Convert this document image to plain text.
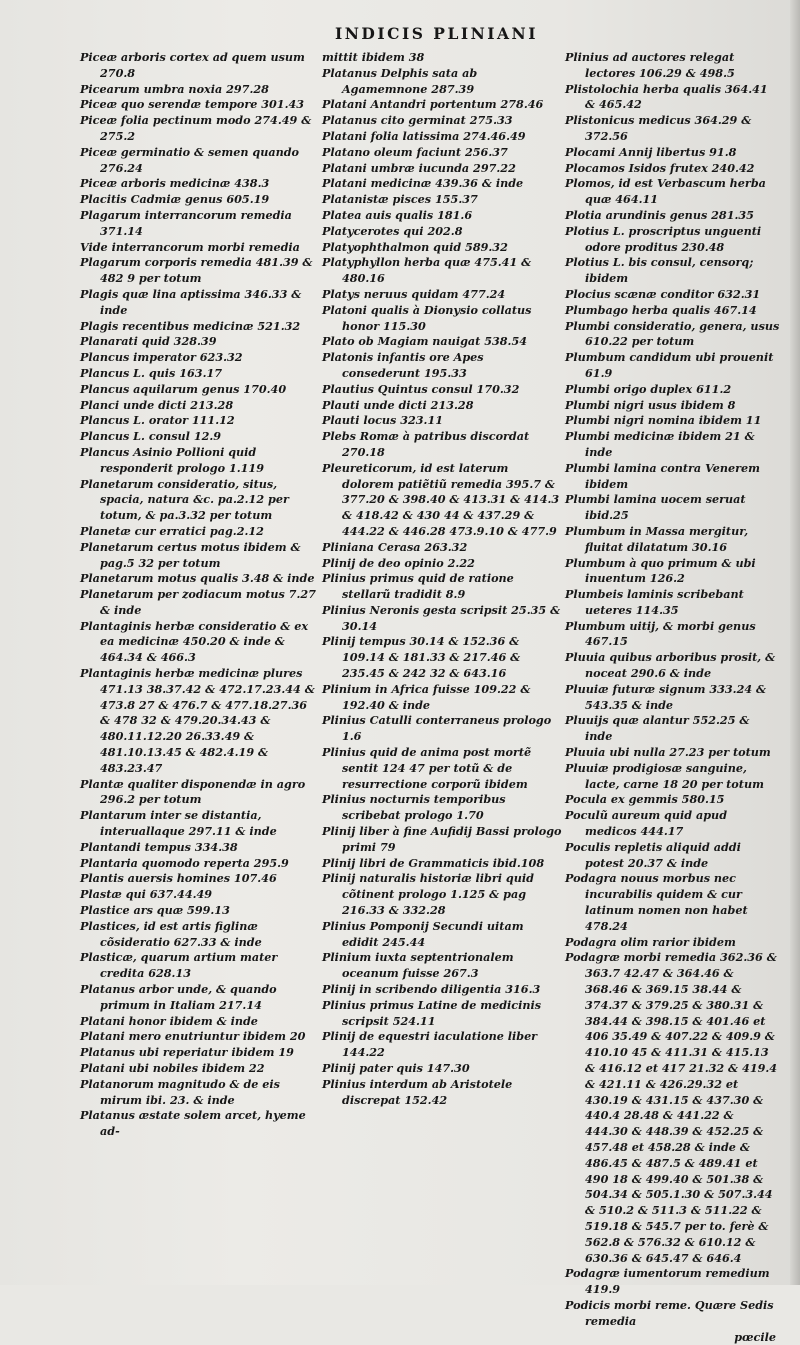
INDICIS PLINIANI
Piceæ arboris cortex ad quem usum 270.8
Picearum umbra noxia 297.28
Piceæ quo serendæ tempore 301.43
Piceæ folia pectinum modo 274.49 & 275.2
Piceæ germinatio & semen quando 276.24
Piceæ arboris medicinæ 438.3
Placitis Cadmiæ genus 605.19
Plagarum interrancorum remedia 371.14
Vide interrancorum morbi remedia
Plagarum corporis remedia 481.39 & 482 9 per totum
Plagis quæ lina aptissima 346.33 & inde
Plagis recentibus medicinæ 521.32
Planarati quid 328.39
Plancus imperator 623.32
Plancus L. quis 163.17
Plancus aquilarum genus 170.40
Planci unde dicti 213.28
Plancus L. orator 111.12
Plancus L. consul 12.9
Plancus Asinio Pollioni quid responderit prologo 1.119
Planetarum consideratio, situs, spacia, natura &c. pa.2.12 per totum, & pa.3.32 per totum
Planetæ cur erratici pag.2.12
Planetarum certus motus ibidem & pag.5 32 per totum
Planetarum motus qualis 3.48 & inde
Planetarum per zodiacum motus 7.27 & inde
Plantaginis herbæ consideratio & ex ea medicinæ 450.20 & inde & 464.34 & 466.3
Plantaginis herbæ medicinæ plures 471.13 38.37.42 & 472.17.23.44 & 473.8 27 & 476.7 & 477.18.27.36 & 478 32 & 479.20.34.43 & 480.11.12.20 26.33.49 & 481.10.13.45 & 482.4.19 & 483.23.47
Plantæ qualiter disponendæ in agro 296.2 per totum
Plantarum inter se distantia, interuallaque 297.11 & inde
Plantandi tempus 334.38
Plantaria quomodo reperta 295.9
Plantis auersis homines 107.46
Plastæ qui 637.44.49
Plastice ars quæ 599.13
Plastices, id est artis figlinæ cõsideratio 627.33 & inde
Plasticæ, quarum artium mater credita 628.13
Platanus arbor unde, & quando primum in Italiam 217.14
Platani honor ibidem & inde
Platani mero enutriuntur ibidem 20
Platanus ubi reperiatur ibidem 19
Platani ubi nobiles ibidem 22
Platanorum magnitudo & de eis mirum ibi. 23. & inde
Platanus æstate solem arcet, hyeme ad-
mittit ibidem 38
Platanus Delphis sata ab Agamemnone 287.39
Platani Antandri portentum 278.46
Platanus cito germinat 275.33
Platani folia latissima 274.46.49
Platano oleum faciunt 256.37
Platani umbræ iucunda 297.22
Platani medicinæ 439.36 & inde
Platanistæ pisces 155.37
Platea auis qualis 181.6
Platycerotes qui 202.8
Platyophthalmon quid 589.32
Platyphyllon herba quæ 475.41 & 480.16
Platys neruus quidam 477.24
Platoni qualis à Dionysio collatus honor 115.30
Plato ob Magiam nauigat 538.54
Platonis infantis ore Apes consederunt 195.33
Plautius Quintus consul 170.32
Plauti unde dicti 213.28
Plauti locus 323.11
Plebs Romæ à patribus discordat 270.18
Pleureticorum, id est laterum dolorem patiẽtiũ remedia 395.7 & 377.20 & 398.40 & 413.31 & 414.3 & 418.42 & 430 44 & 437.29 & 444.22 & 446.28 473.9.10 & 477.9
Pliniana Cerasa 263.32
Plinij de deo opinio 2.22
Plinius primus quid de ratione stellarũ tradidit 8.9
Plinius Neronis gesta scripsit 25.35 & 30.14
Plinij tempus 30.14 & 152.36 & 109.14 & 181.33 & 217.46 & 235.45 & 242 32 & 643.16
Plinium in Africa fuisse 109.22 & 192.40 & inde
Plinius Catulli conterraneus prologo 1.6
Plinius quid de anima post mortẽ sentit 124 47 per totũ & de resurrectione corporũ ibidem
Plinius nocturnis temporibus scribebat prologo 1.70
Plinij liber à fine Aufidij Bassi prologo primi 79
Plinij libri de Grammaticis ibid.108
Plinij naturalis historiæ libri quid cõtinent prologo 1.125 & pag 216.33 & 332.28
Plinius Pomponij Secundi uitam edidit 245.44
Plinium iuxta septentrionalem oceanum fuisse 267.3
Plinij in scribendo diligentia 316.3
Plinius primus Latine de medicinis scripsit 524.11
Plinij de equestri iaculatione liber 144.22
Plinij pater quis 147.30
Plinius interdum ab Aristotele discrepat 152.42
Plinius ad auctores relegat lectores 106.29 & 498.5
Plistolochia herba qualis 364.41 & 465.42
Plistonicus medicus 364.29 & 372.56
Plocami Annij libertus 91.8
Plocamos Isidos frutex 240.42
Plomos, id est Verbascum herba quæ 464.11
Plotia arundinis genus 281.35
Plotius L. proscriptus unguenti odore proditus 230.48
Plotius L. bis consul, censorq; ibidem
Plocius scænæ conditor 632.31
Plumbago herba qualis 467.14
Plumbi consideratio, genera, usus 610.22 per totum
Plumbum candidum ubi prouenit 61.9
Plumbi origo duplex 611.2
Plumbi nigri usus ibidem 8
Plumbi nigri nomina ibidem 11
Plumbi medicinæ ibidem 21 & inde
Plumbi lamina contra Venerem ibidem
Plumbi lamina uocem seruat ibid.25
Plumbum in Massa mergitur, fluitat dilatatum 30.16
Plumbum à quo primum & ubi inuentum 126.2
Plumbeis laminis scribebant ueteres 114.35
Plumbum uitij, & morbi genus 467.15
Pluuia quibus arboribus prosit, & noceat 290.6 & inde
Pluuiæ futuræ signum 333.24 & 543.35 & inde
Pluuijs quæ alantur 552.25 & inde
Pluuia ubi nulla 27.23 per totum
Pluuiæ prodigiosæ sanguine, lacte, carne 18 20 per totum
Pocula ex gemmis 580.15
Poculũ aureum quid apud medicos 444.17
Poculis repletis aliquid addi potest 20.37 & inde
Podagra nouus morbus nec incurabilis quidem & cur latinum nomen non habet 478.24
Podagra olim rarior ibidem
Podagræ morbi remedia 362.36 & 363.7 42.47 & 364.46 & 368.46 & 369.15 38.44 & 374.37 & 379.25 & 380.31 & 384.44 & 398.15 & 401.46 et 406 35.49 & 407.22 & 409.9 & 410.10 45 & 411.31 & 415.13 & 416.12 et 417 21.32 & 419.4 & 421.11 & 426.29.32 et 430.19 & 431.15 & 437.30 & 440.4 28.48 & 441.22 & 444.30 & 448.39 & 452.25 & 457.48 et 458.28 & inde & 486.45 & 487.5 & 489.41 et 490 18 & 499.40 & 501.38 & 504.34 & 505.1.30 & 507.3.44 & 510.2 & 511.3 & 511.22 & 519.18 & 545.7 per to. ferè & 562.8 & 576.32 & 610.12 & 630.36 & 645.47 & 646.4
Podagræ iumentorum remedium 419.9
Podicis morbi reme. Quære Sedis remedia
pœcile
